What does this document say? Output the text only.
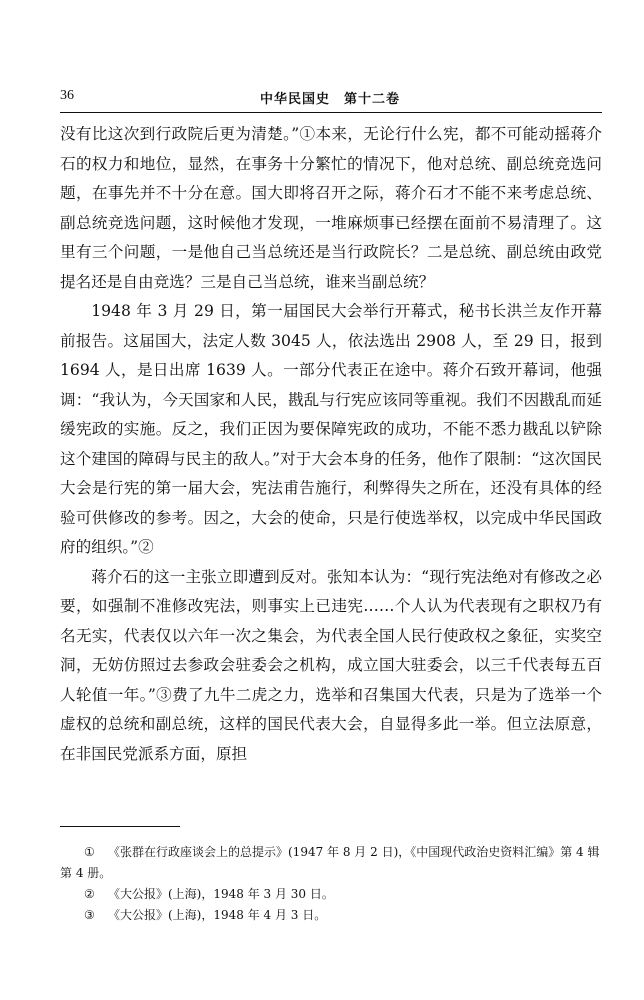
36	中华民国史　第十二卷

没有比这次到行政院后更为清楚。”①本来，无论行什么宪，都不可能动摇蒋介石的权力和地位，显然，在事务十分繁忙的情况下，他对总统、副总统竞选问题，在事先并不十分在意。国大即将召开之际，蒋介石才不能不来考虑总统、副总统竞选问题，这时候他才发现，一堆麻烦事已经摆在面前不易清理了。这里有三个问题，一是他自己当总统还是当行政院长？二是总统、副总统由政党提名还是自由竞选？三是自己当总统，谁来当副总统？

1948 年 3 月 29 日，第一届国民大会举行开幕式，秘书长洪兰友作开幕前报告。这届国大，法定人数 3045 人，依法选出 2908 人，至 29 日，报到 1694 人，是日出席 1639 人。一部分代表正在途中。蒋介石致开幕词，他强调：“我认为，今天国家和人民，戡乱与行宪应该同等重视。我们不因戡乱而延缓宪政的实施。反之，我们正因为要保障宪政的成功，不能不悉力戡乱以铲除这个建国的障碍与民主的敌人。”对于大会本身的任务，他作了限制：“这次国民大会是行宪的第一届大会，宪法甫告施行，利弊得失之所在，还没有具体的经验可供修改的参考。因之，大会的使命，只是行使选举权，以完成中华民国政府的组织。”②

蒋介石的这一主张立即遭到反对。张知本认为：“现行宪法绝对有修改之必要，如强制不准修改宪法，则事实上已违宪……个人认为代表现有之职权乃有名无实，代表仅以六年一次之集会，为代表全国人民行使政权之象征，实奖空洞，无妨仿照过去参政会驻委会之机构，成立国大驻委会，以三千代表每五百人轮值一年。”③费了九牛二虎之力，选举和召集国大代表，只是为了选举一个虚权的总统和副总统，这样的国民代表大会，自显得多此一举。但立法原意，在非国民党派系方面，原担

① 《张群在行政座谈会上的总提示》(1947 年 8 月 2 日)，《中国现代政治史资料汇编》第 4 辑第 4 册。

② 《大公报》(上海)，1948 年 3 月 30 日。

③ 《大公报》(上海)，1948 年 4 月 3 日。
